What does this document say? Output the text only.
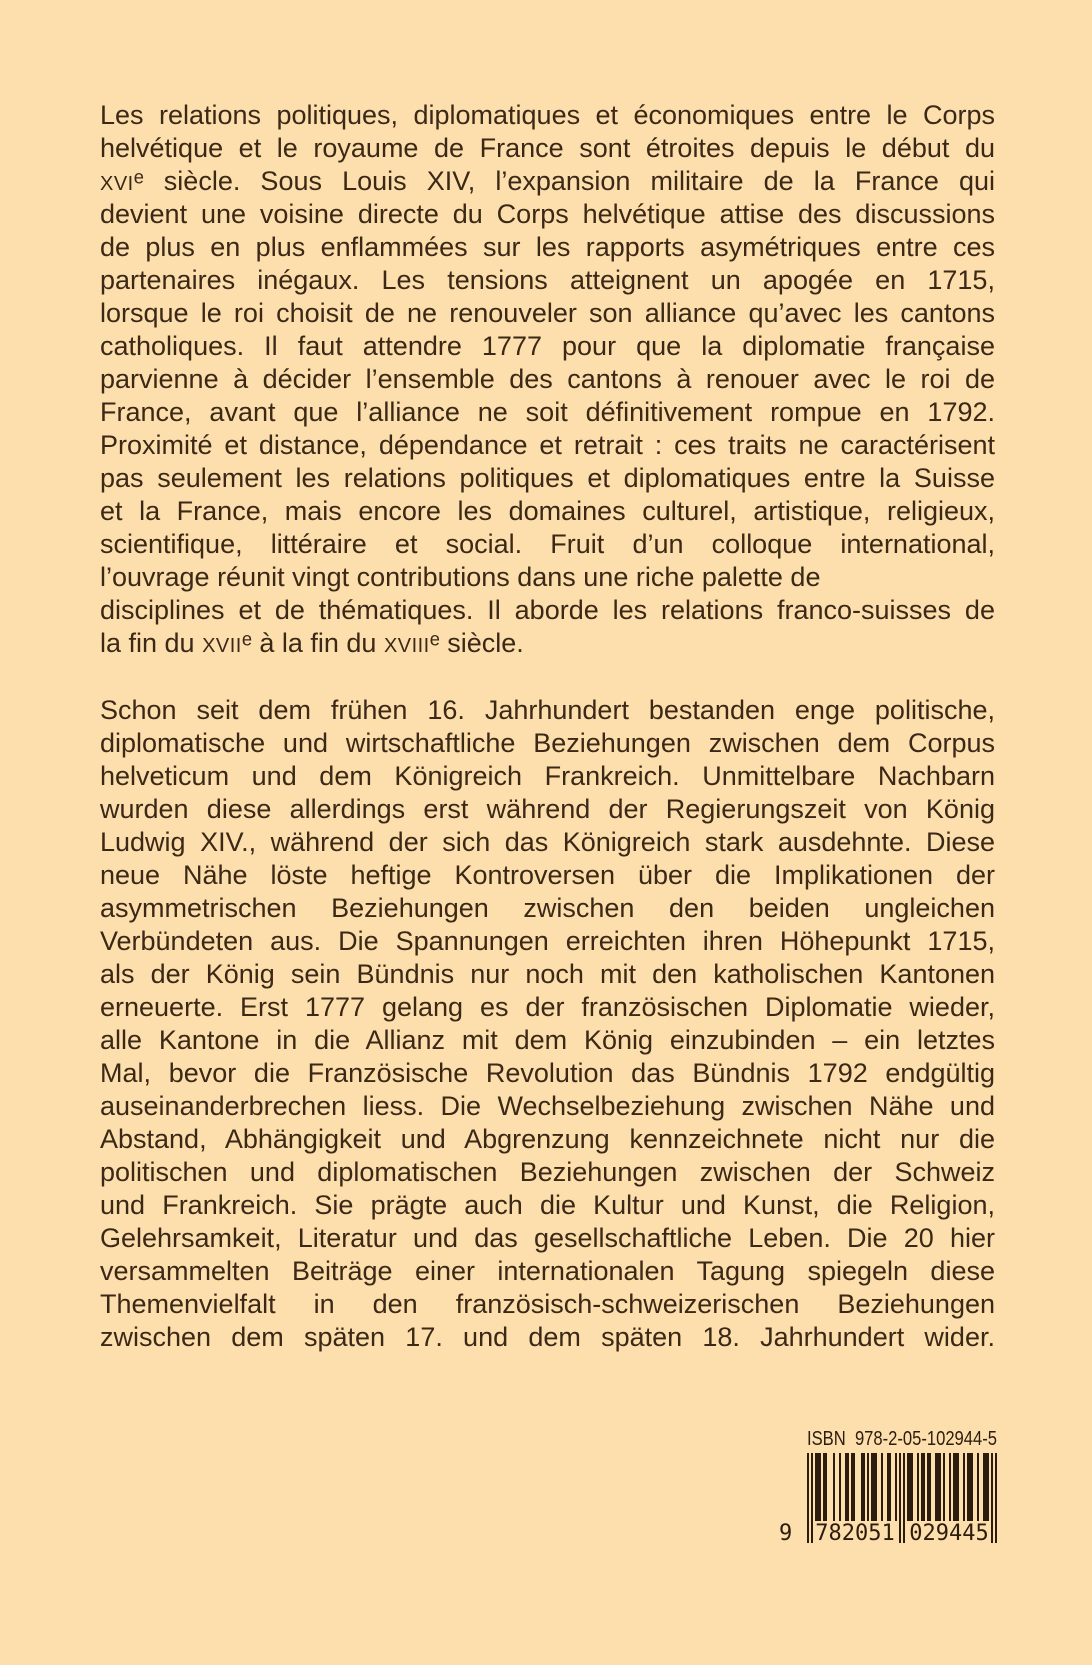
Les relations politiques, diplomatiques et économiques entre le Corps
helvétique et le royaume de France sont étroites depuis le début du
XVIᵉ siècle. Sous Louis XIV, l’expansion militaire de la France qui
devient une voisine directe du Corps helvétique attise des discussions
de plus en plus enflammées sur les rapports asymétriques entre ces
partenaires inégaux. Les tensions atteignent un apogée en 1715,
lorsque le roi choisit de ne renouveler son alliance qu’avec les cantons
catholiques. Il faut attendre 1777 pour que la diplomatie française
parvienne à décider l’ensemble des cantons à renouer avec le roi de
France, avant que l’alliance ne soit définitivement rompue en 1792.
Proximité et distance, dépendance et retrait : ces traits ne caractérisent
pas seulement les relations politiques et diplomatiques entre la Suisse
et la France, mais encore les domaines culturel, artistique, religieux,
scientifique, littéraire et social. Fruit d’un colloque international,
l’ouvrage réunit vingt contributions dans une riche palette de
disciplines et de thématiques. Il aborde les relations franco-suisses de
la fin du XVIIᵉ à la fin du XVIIIᵉ siècle.
Schon seit dem frühen 16. Jahrhundert bestanden enge politische,
diplomatische und wirtschaftliche Beziehungen zwischen dem Corpus
helveticum und dem Königreich Frankreich. Unmittelbare Nachbarn
wurden diese allerdings erst während der Regierungszeit von König
Ludwig XIV., während der sich das Königreich stark ausdehnte. Diese
neue Nähe löste heftige Kontroversen über die Implikationen der
asymmetrischen Beziehungen zwischen den beiden ungleichen
Verbündeten aus. Die Spannungen erreichten ihren Höhepunkt 1715,
als der König sein Bündnis nur noch mit den katholischen Kantonen
erneuerte. Erst 1777 gelang es der französischen Diplomatie wieder,
alle Kantone in die Allianz mit dem König einzubinden – ein letztes
Mal, bevor die Französische Revolution das Bündnis 1792 endgültig
auseinanderbrechen liess. Die Wechselbeziehung zwischen Nähe und
Abstand, Abhängigkeit und Abgrenzung kennzeichnete nicht nur die
politischen und diplomatischen Beziehungen zwischen der Schweiz
und Frankreich. Sie prägte auch die Kultur und Kunst, die Religion,
Gelehrsamkeit, Literatur und das gesellschaftliche Leben. Die 20 hier
versammelten Beiträge einer internationalen Tagung spiegeln diese
Themenvielfalt in den französisch-schweizerischen Beziehungen
zwischen dem späten 17. und dem späten 18. Jahrhundert wider.
ISBN  978-2-05-102944-5
9 782051 029445
